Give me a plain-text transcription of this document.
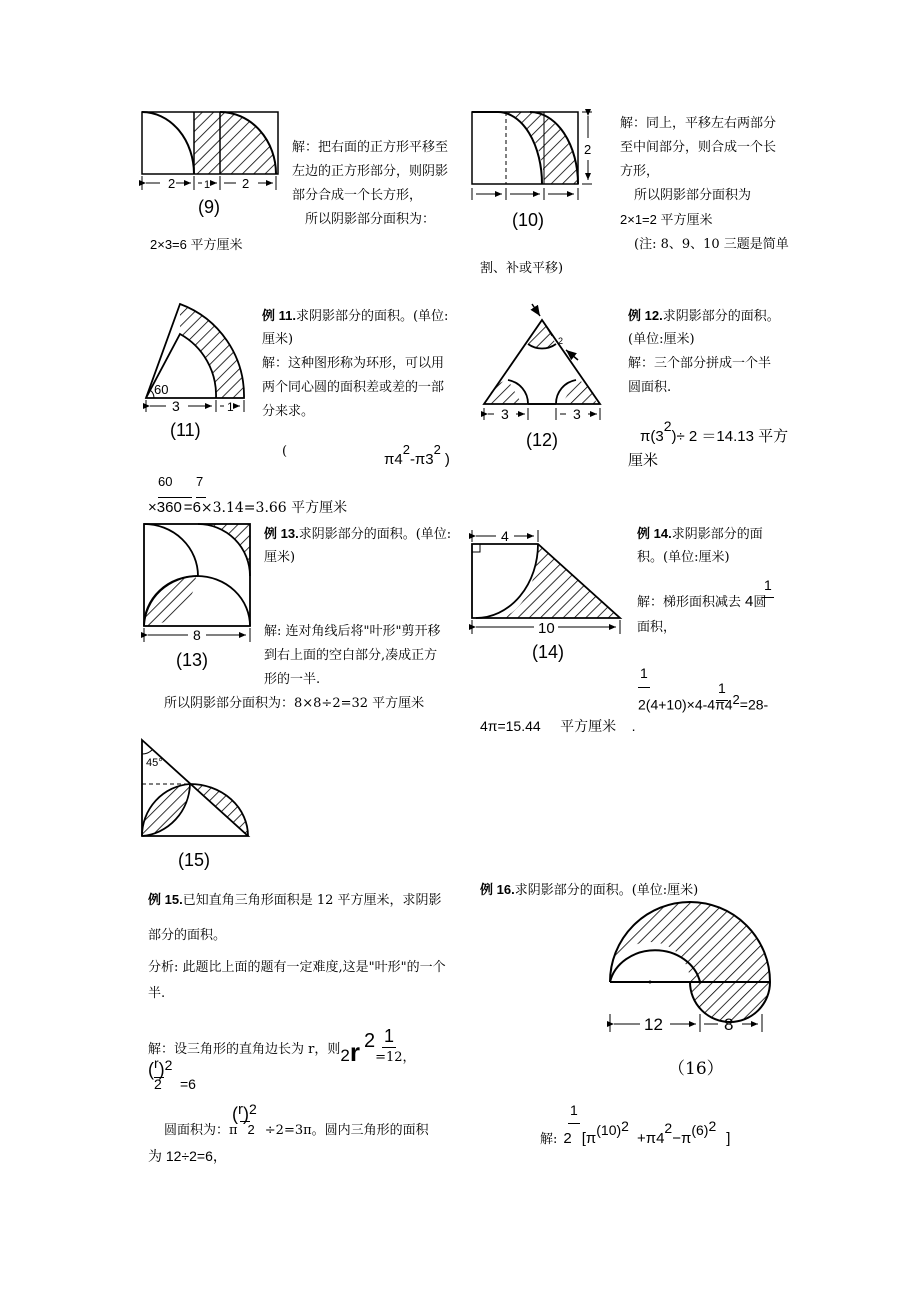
2	1 2
(9)
解：把右面的正方形平移至
左边的正方形部分，则阴影
部分合成一个长方形，
所以阴影部分面积为：
2×3=6 平方厘米
2
(10)
解：同上，平移左右两部分
至中间部分，则合成一个长
方形，
所以阴影部分面积为
2×1=2 平方厘米
(注: 8、9、10 三题是简单
割、补或平移)
60
3	1
(11)
例 11.求阴影部分的面积。(单位:
厘米)
解：这种图形称为环形，可以用
两个同心圆的面积差或差的一部
分来求。
(	$\pi 4^2-\pi 3^2$)
60 7
×360 =6×3.14=3.66 平方厘米
2
3	3
(12)
例 12.求阴影部分的面积。
(单位:厘米)
解：三个部分拼成一个半
圆面积.
$\pi(3^2)\div 2 =14.13$ 平方
厘米
8
(13)
例 13.求阴影部分的面积。(单位:
厘米)
解: 连对角线后将"叶形"剪开移
到右上面的空白部分,凑成正方
形的一半.
所以阴影部分面积为：8×8÷2=32 平方厘米
4
10
(14)
例 14.求阴影部分的面
积。(单位:厘米)
1
解：梯形面积减去 4圆
面积，
1
1
$2(4+10)\times 4-4\pi 4^2=28-$
4π=15.44     平方厘米    .
45°
(15)
例 15.已知直角三角形面积是 12 平方厘米，求阴影
部分的面积。
分析: 此题比上面的题有一定难度,这是"叶形"的一个
半.
1
解：设三角形的直角边长为 r，则2r 2=12，
$(r)^2$
2 =6
$(r)^2$
圆面积为：π 2 ÷2=3π。圆内三角形的面积
为 12÷2=6，
例 16.求阴影部分的面积。(单位:厘米)
12	8
（16）
1
解: 2 $[\pi(10)^2+\pi 4^2-\pi(6)^2]$
